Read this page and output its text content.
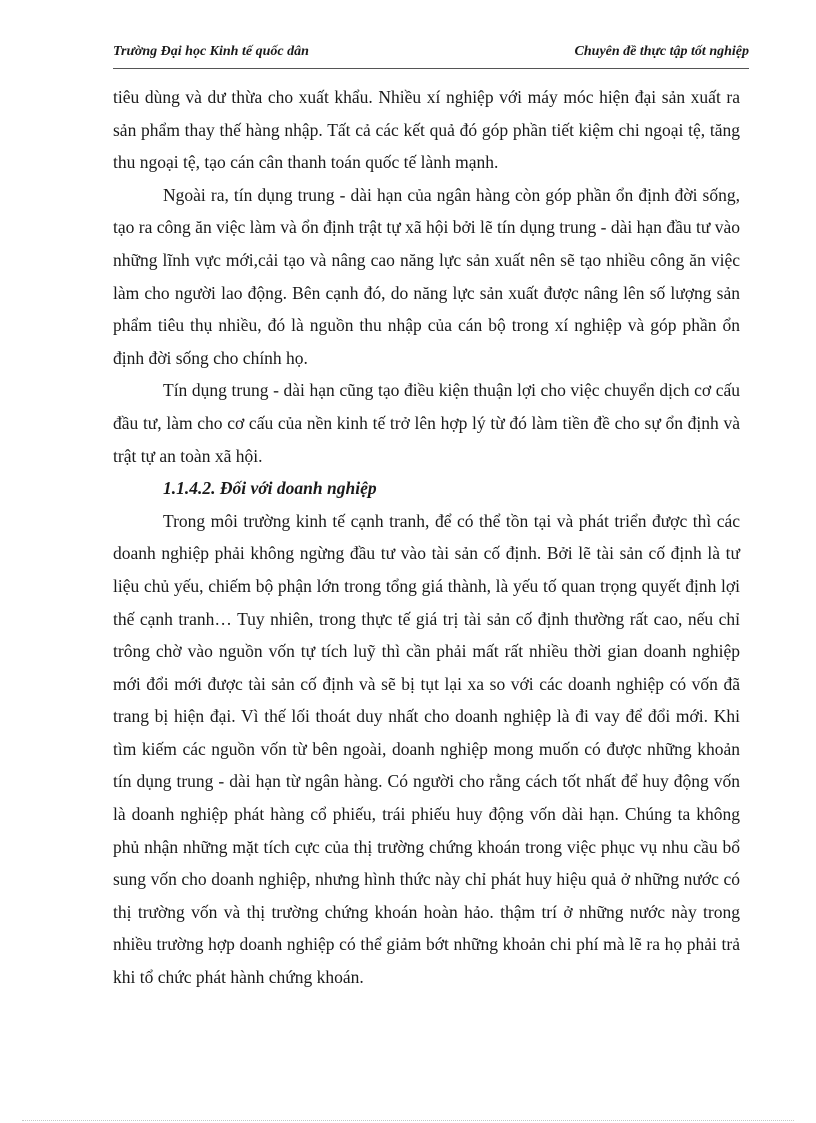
Trường Đại học Kinh tế quốc dân	Chuyên đề thực tập tốt nghiệp

tiêu dùng và dư thừa cho xuất khẩu. Nhiều xí nghiệp với máy móc hiện đại sản xuất ra sản phẩm thay thế hàng nhập. Tất cả các kết quả đó góp phần tiết kiệm chi ngoại tệ, tăng thu ngoại tệ, tạo cán cân thanh toán quốc tế lành mạnh.

Ngoài ra, tín dụng trung - dài hạn của ngân hàng còn góp phần ổn định đời sống, tạo ra công ăn việc làm và ổn định trật tự xã hội bởi lẽ tín dụng trung - dài hạn đầu tư vào những lĩnh vực mới,cải tạo và nâng cao năng lực sản xuất nên sẽ tạo nhiều công ăn việc làm cho người lao động. Bên cạnh đó, do năng lực sản xuất được nâng lên số lượng sản phẩm tiêu thụ nhiều, đó là nguồn thu nhập của cán bộ trong xí nghiệp và góp phần ổn định đời sống cho chính họ.

Tín dụng trung - dài hạn cũng tạo điều kiện thuận lợi cho việc chuyển dịch cơ cấu đầu tư, làm cho cơ cấu của nền kinh tế trở lên hợp lý từ đó làm tiền đề cho sự ổn định và trật tự an toàn xã hội.

1.1.4.2. Đối với doanh nghiệp

Trong môi trường kinh tế cạnh tranh, để có thể tồn tại và phát triển được thì các doanh nghiệp phải không ngừng đầu tư vào tài sản cố định. Bởi lẽ tài sản cố định là tư liệu chủ yếu, chiếm bộ phận lớn trong tổng giá thành, là yếu tố quan trọng quyết định lợi thế cạnh tranh… Tuy nhiên, trong thực tế giá trị tài sản cố định thường rất cao, nếu chỉ trông chờ vào nguồn vốn tự tích luỹ thì cần phải mất rất nhiều thời gian doanh nghiệp mới đổi mới được tài sản cố định và sẽ bị tụt lại xa so với các doanh nghiệp có vốn đã trang bị hiện đại. Vì thế lối thoát duy nhất cho doanh nghiệp là đi vay để đổi mới. Khi tìm kiếm các nguồn vốn từ bên ngoài, doanh nghiệp mong muốn có được những khoản tín dụng trung - dài hạn từ ngân hàng. Có người cho rằng cách tốt nhất để huy động vốn là doanh nghiệp phát hàng cổ phiếu, trái phiếu huy động vốn dài hạn. Chúng ta không phủ nhận những mặt tích cực của thị trường chứng khoán trong việc phục vụ nhu cầu bổ sung vốn cho doanh nghiệp, nhưng hình thức này chỉ phát huy hiệu quả ở những nước có thị trường vốn và thị trường chứng khoán hoàn hảo. thậm trí ở những nước này trong nhiều trường hợp doanh nghiệp có thể giảm bớt những khoản chi phí mà lẽ ra họ phải trả khi tổ chức phát hành chứng khoán.
